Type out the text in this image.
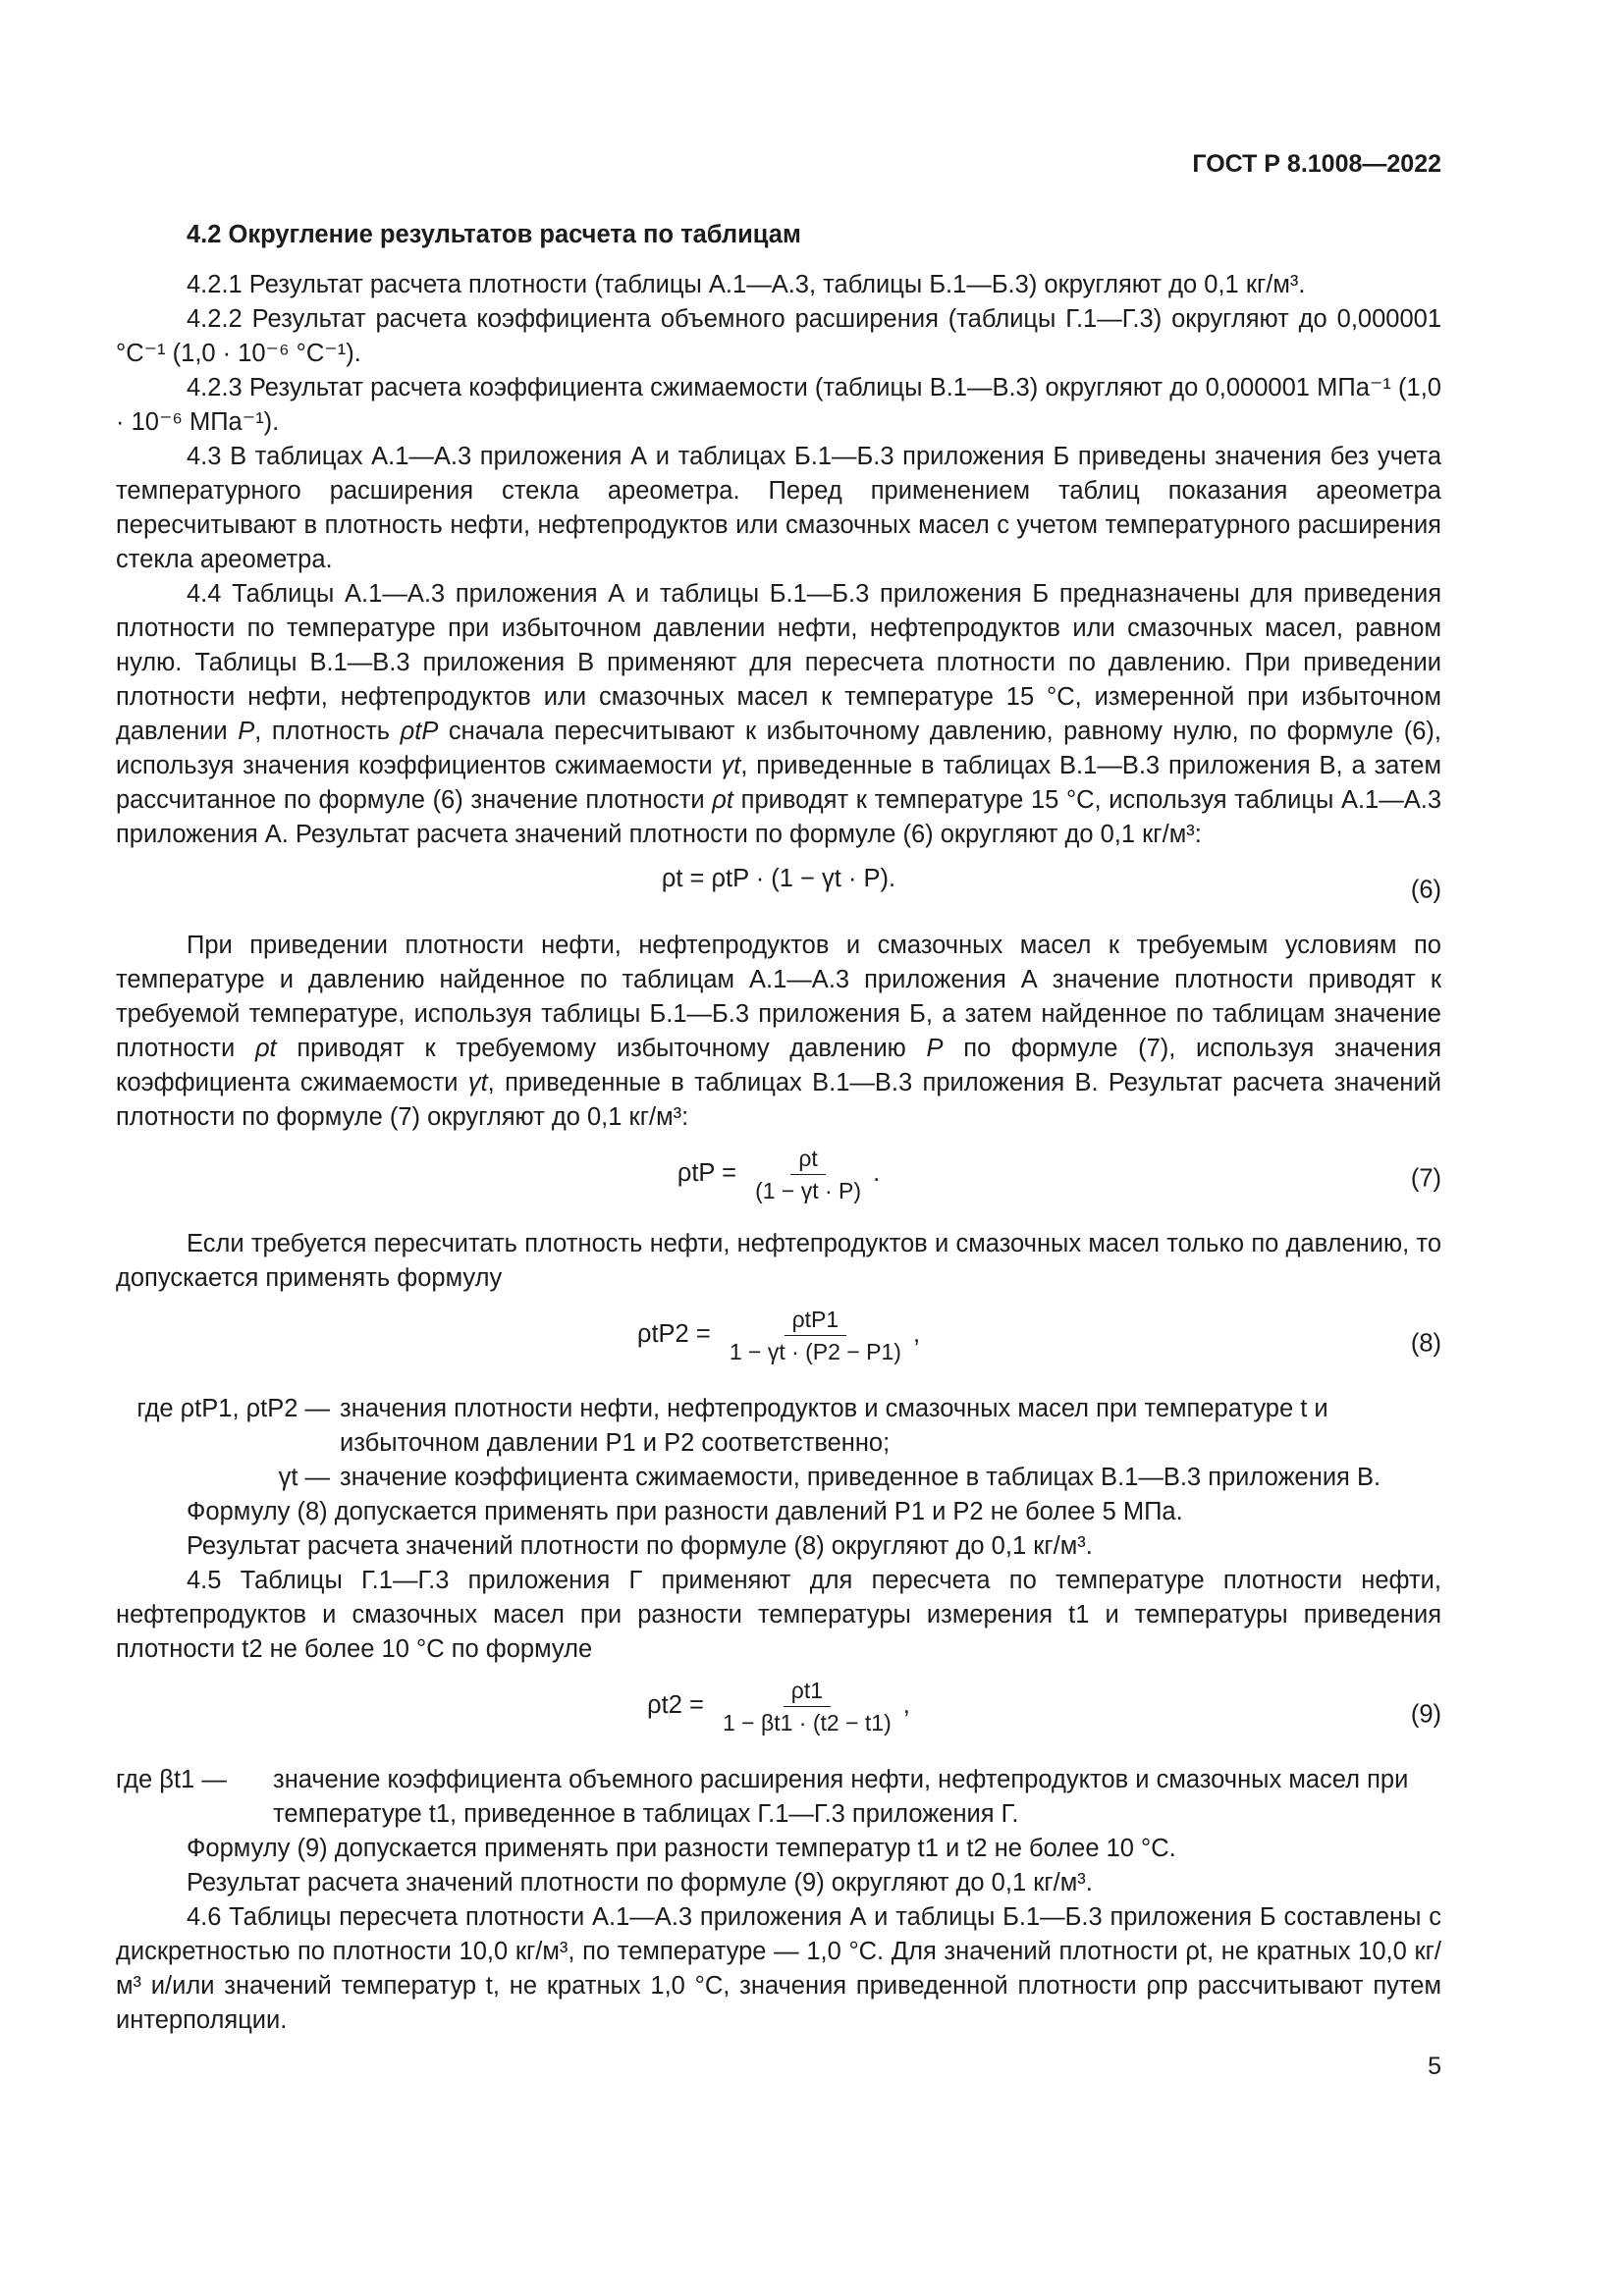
ГОСТ Р 8.1008—2022
4.2 Округление результатов расчета по таблицам

4.2.1 Результат расчета плотности (таблицы А.1—А.3, таблицы Б.1—Б.3) округляют до 0,1 кг/м³.

4.2.2 Результат расчета коэффициента объемного расширения (таблицы Г.1—Г.3) округляют до 0,000001 °С⁻¹ (1,0 · 10⁻⁶ °С⁻¹).

4.2.3 Результат расчета коэффициента сжимаемости (таблицы В.1—В.3) округляют до 0,000001 МПа⁻¹ (1,0 · 10⁻⁶ МПа⁻¹).

4.3 В таблицах А.1—А.3 приложения А и таблицах Б.1—Б.3 приложения Б приведены значения без учета температурного расширения стекла ареометра. Перед применением таблиц показания ареометра пересчитывают в плотность нефти, нефтепродуктов или смазочных масел с учетом температурного расширения стекла ареометра.

4.4 Таблицы А.1—А.3 приложения А и таблицы Б.1—Б.3 приложения Б предназначены для приведения плотности по температуре при избыточном давлении нефти, нефтепродуктов или смазочных масел, равном нулю. Таблицы В.1—В.3 приложения В применяют для пересчета плотности по давлению. При приведении плотности нефти, нефтепродуктов или смазочных масел к температуре 15 °С, измеренной при избыточном давлении P, плотность ρtP сначала пересчитывают к избыточному давлению, равному нулю, по формуле (6), используя значения коэффициентов сжимаемости γt, приведенные в таблицах В.1—В.3 приложения В, а затем рассчитанное по формуле (6) значение плотности ρt приводят к температуре 15 °С, используя таблицы А.1—А.3 приложения А. Результат расчета значений плотности по формуле (6) округляют до 0,1 кг/м³:

ρt = ρtP · (1 − γt · P).	(6)

При приведении плотности нефти, нефтепродуктов и смазочных масел к требуемым условиям по температуре и давлению найденное по таблицам А.1—А.3 приложения А значение плотности приводят к требуемой температуре, используя таблицы Б.1—Б.3 приложения Б, а затем найденное по таблицам значение плотности ρt приводят к требуемому избыточному давлению P по формуле (7), используя значения коэффициента сжимаемости γt, приведенные в таблицах В.1—В.3 приложения В. Результат расчета значений плотности по формуле (7) округляют до 0,1 кг/м³:

$\rho tP = \frac{\rho t}{(1 - \gamma t \cdot P)}$ .	(7)

Если требуется пересчитать плотность нефти, нефтепродуктов и смазочных масел только по давлению, то допускается применять формулу

$\rho tP2 = \frac{\text{ρtP1}}{1 - \gamma t \cdot (P2 - P1)}$ ,	(8)
где ρtP1, ρtP2 — значения плотности нефти, нефтепродуктов и смазочных масел при температуре t и избыточном давлении P1 и P2 соответственно;
γt — значение коэффициента сжимаемости, приведенное в таблицах В.1—В.3 приложения В.

Формулу (8) допускается применять при разности давлений P1 и P2 не более 5 МПа.

Результат расчета значений плотности по формуле (8) округляют до 0,1 кг/м³.

4.5 Таблицы Г.1—Г.3 приложения Г применяют для пересчета по температуре плотности нефти, нефтепродуктов и смазочных масел при разности температуры измерения t1 и температуры приведения плотности t2 не более 10 °С по формуле

$\rho t2 = \frac{\rho t1}{1 - \beta t1 \cdot (t2 - t1)}$ ,	(9)
где βt1 —	значение коэффициента объемного расширения нефти, нефтепродуктов и смазочных масел при температуре t1, приведенное в таблицах Г.1—Г.3 приложения Г.

Формулу (9) допускается применять при разности температур t1 и t2 не более 10 °С.

Результат расчета значений плотности по формуле (9) округляют до 0,1 кг/м³.

4.6 Таблицы пересчета плотности А.1—А.3 приложения А и таблицы Б.1—Б.3 приложения Б составлены с дискретностью по плотности 10,0 кг/м³, по температуре — 1,0 °С. Для значений плотности ρt, не кратных 10,0 кг/м³ и/или значений температур t, не кратных 1,0 °С, значения приведенной плотности ρпр рассчитывают путем интерполяции.

5
